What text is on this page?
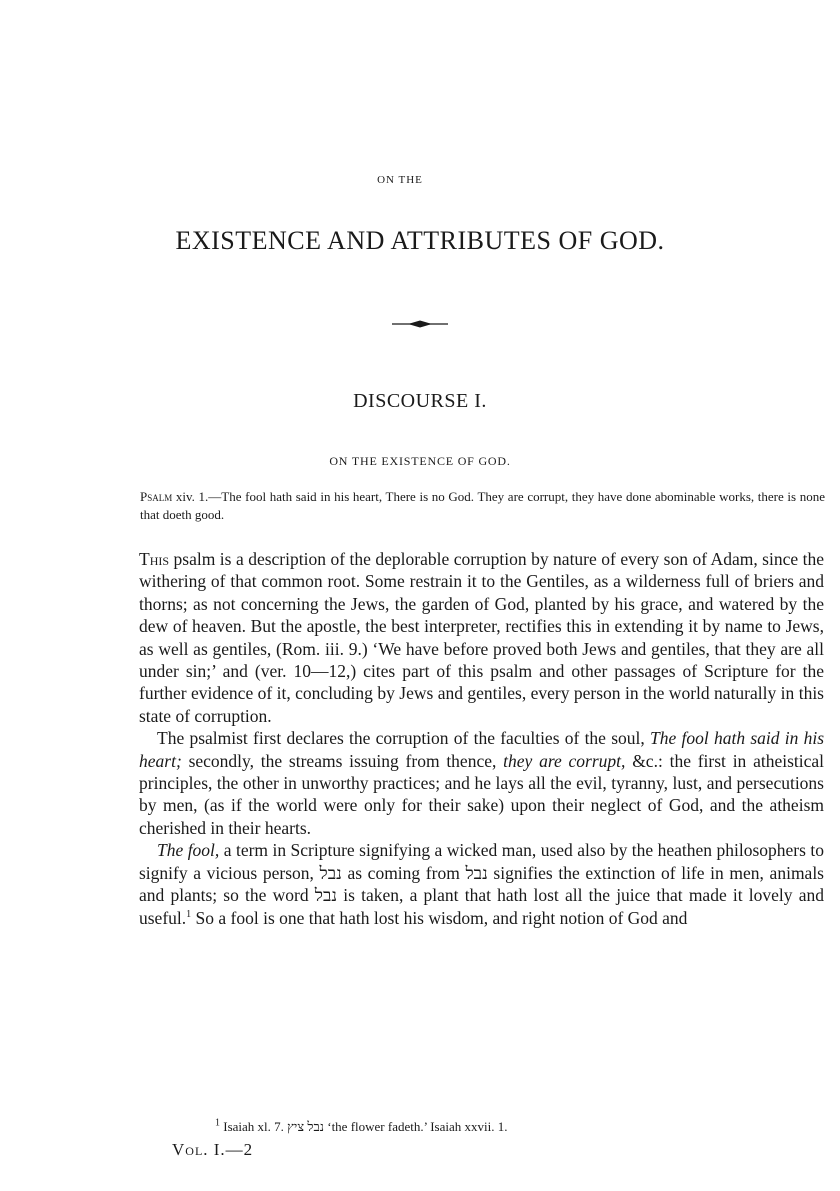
ON THE
EXISTENCE AND ATTRIBUTES OF GOD.
DISCOURSE I.
ON THE EXISTENCE OF GOD.
Psalm xiv. 1.—The fool hath said in his heart, There is no God. They are corrupt, they have done abominable works, there is none that doeth good.

This psalm is a description of the deplorable corruption by nature of every son of Adam, since the withering of that common root. Some restrain it to the Gentiles, as a wilderness full of briers and thorns; as not concerning the Jews, the garden of God, planted by his grace, and watered by the dew of heaven. But the apostle, the best interpreter, rectifies this in extending it by name to Jews, as well as gentiles, (Rom. iii. 9.) ‘We have before proved both Jews and gentiles, that they are all under sin;’ and (ver. 10—12,) cites part of this psalm and other passages of Scripture for the further evidence of it, concluding by Jews and gentiles, every person in the world naturally in this state of corruption.

The psalmist first declares the corruption of the faculties of the soul, The fool hath said in his heart; secondly, the streams issuing from thence, they are corrupt, &c.: the first in atheistical principles, the other in unworthy practices; and he lays all the evil, tyranny, lust, and persecutions by men, (as if the world were only for their sake) upon their neglect of God, and the atheism cherished in their hearts.

The fool, a term in Scripture signifying a wicked man, used also by the heathen philosophers to signify a vicious person, נבל as coming from נבל signifies the extinction of life in men, animals and plants; so the word נבל is taken, a plant that hath lost all the juice that made it lovely and useful.$^1$ So a fool is one that hath lost his wisdom, and right notion of God and

$^1$ Isaiah xl. 7. נבל ציץ ‘the flower fadeth.’ Isaiah xxvii. 1.
Vol. I.—2
